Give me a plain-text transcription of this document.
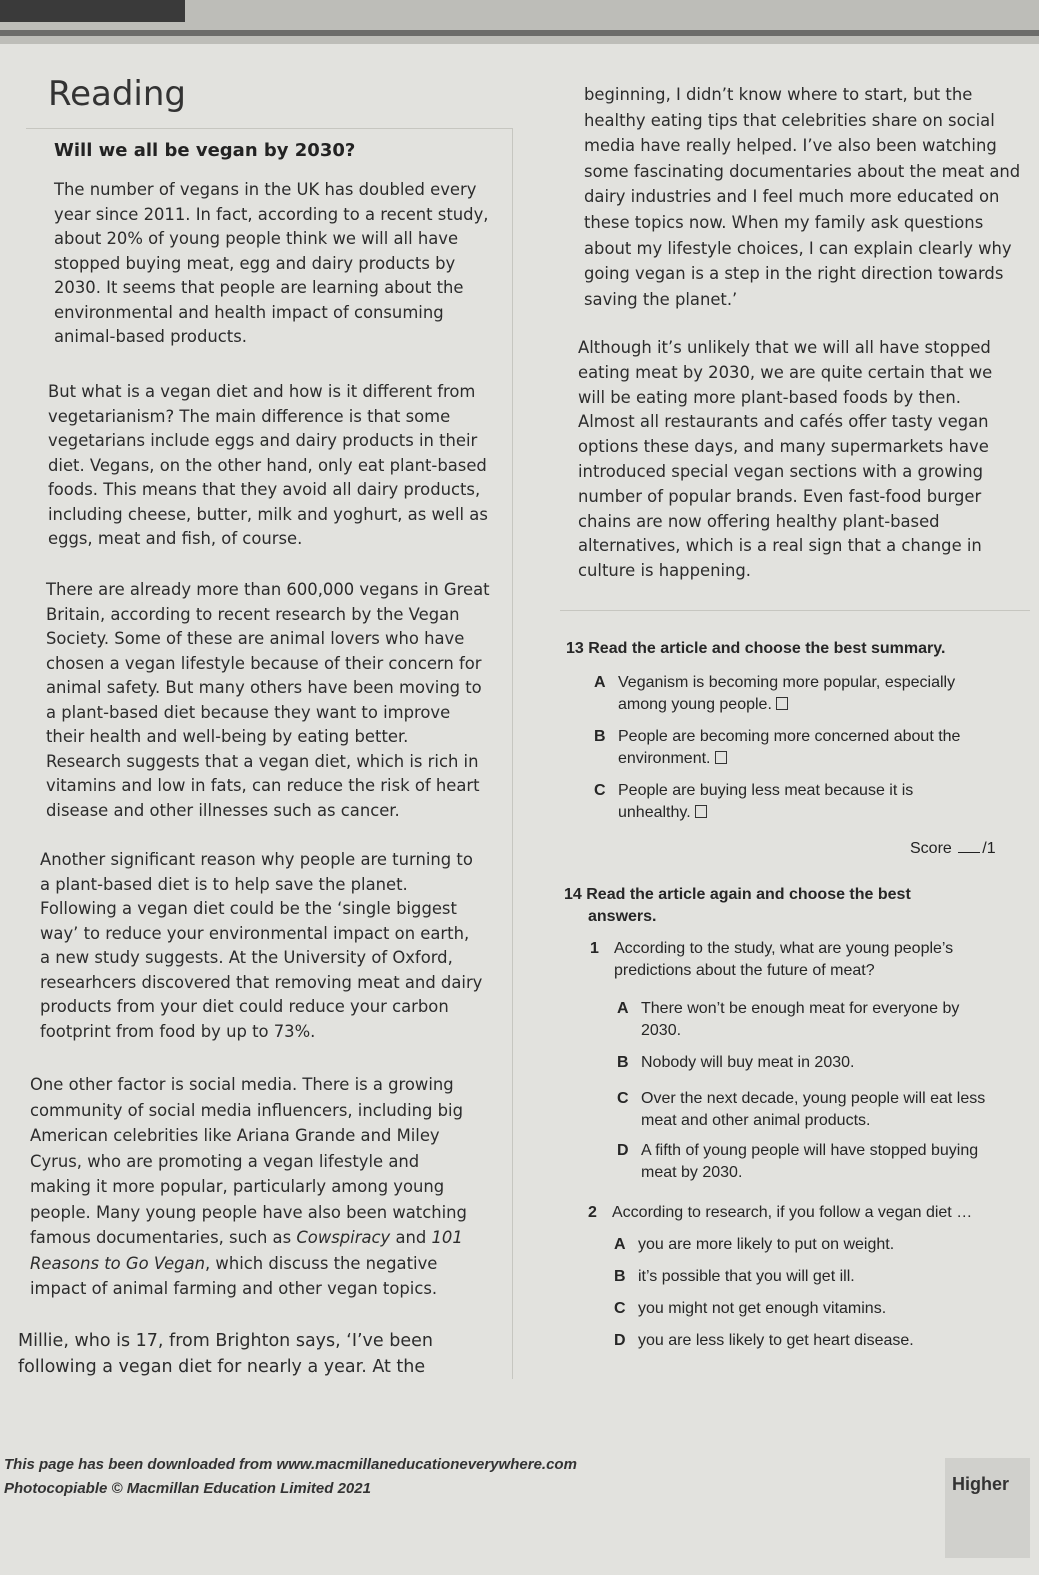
Reading
Will we all be vegan by 2030?
The number of vegans in the UK has doubled every
year since 2011. In fact, according to a recent study,
about 20% of young people think we will all have
stopped buying meat, egg and dairy products by
2030. It seems that people are learning about the
environmental and health impact of consuming
animal-based products.
But what is a vegan diet and how is it different from
vegetarianism? The main difference is that some
vegetarians include eggs and dairy products in their
diet. Vegans, on the other hand, only eat plant-based
foods. This means that they avoid all dairy products,
including cheese, butter, milk and yoghurt, as well as
eggs, meat and fish, of course.
There are already more than 600,000 vegans in Great
Britain, according to recent research by the Vegan
Society. Some of these are animal lovers who have
chosen a vegan lifestyle because of their concern for
animal safety. But many others have been moving to
a plant-based diet because they want to improve
their health and well-being by eating better.
Research suggests that a vegan diet, which is rich in
vitamins and low in fats, can reduce the risk of heart
disease and other illnesses such as cancer.
Another significant reason why people are turning to
a plant-based diet is to help save the planet.
Following a vegan diet could be the ‘single biggest
way’ to reduce your environmental impact on earth,
a new study suggests. At the University of Oxford,
researhcers discovered that removing meat and dairy
products from your diet could reduce your carbon
footprint from food by up to 73%.
One other factor is social media. There is a growing
community of social media influencers, including big
American celebrities like Ariana Grande and Miley
Cyrus, who are promoting a vegan lifestyle and
making it more popular, particularly among young
people. Many young people have also been watching
famous documentaries, such as Cowspiracy and 101
Reasons to Go Vegan, which discuss the negative
impact of animal farming and other vegan topics.
Millie, who is 17, from Brighton says, ‘I’ve been
following a vegan diet for nearly a year. At the
beginning, I didn’t know where to start, but the
healthy eating tips that celebrities share on social
media have really helped. I’ve also been watching
some fascinating documentaries about the meat and
dairy industries and I feel much more educated on
these topics now. When my family ask questions
about my lifestyle choices, I can explain clearly why
going vegan is a step in the right direction towards
saving the planet.’
Although it’s unlikely that we will all have stopped
eating meat by 2030, we are quite certain that we
will be eating more plant-based foods by then.
Almost all restaurants and cafés offer tasty vegan
options these days, and many supermarkets have
introduced special vegan sections with a growing
number of popular brands. Even fast-food burger
chains are now offering healthy plant-based
alternatives, which is a real sign that a change in
culture is happening.
13 Read the article and choose the best summary.
A Veganism is becoming more popular, especially
among young people.
B People are becoming more concerned about the
environment.
C People are buying less meat because it is
unhealthy.
Score /1
14 Read the article again and choose the best
answers.
1 According to the study, what are young people’s
predictions about the future of meat?
A There won’t be enough meat for everyone by
2030.
B Nobody will buy meat in 2030.
C Over the next decade, young people will eat less
meat and other animal products.
D A fifth of young people will have stopped buying
meat by 2030.
2 According to research, if you follow a vegan diet …
A you are more likely to put on weight.
B it’s possible that you will get ill.
C you might not get enough vitamins.
D you are less likely to get heart disease.
This page has been downloaded from www.macmillaneducationeverywhere.com
Photocopiable © Macmillan Education Limited 2021	Higher
